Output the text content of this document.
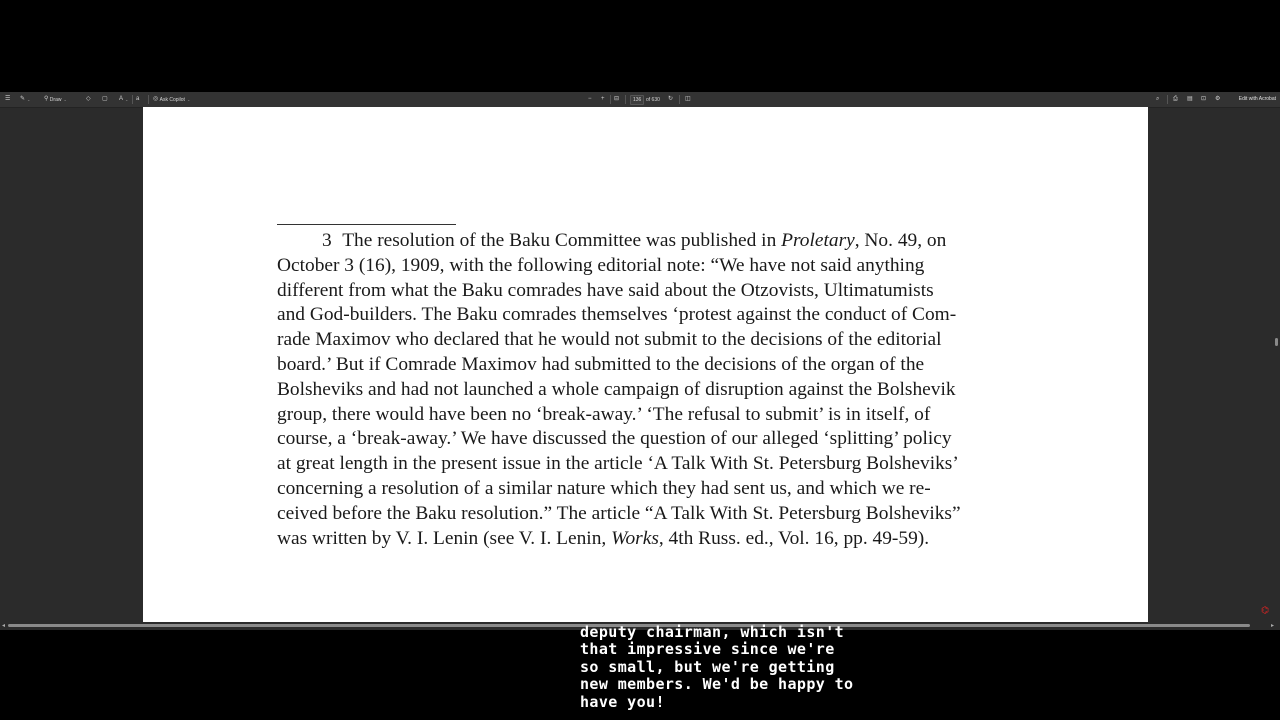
☰ ✎ ⌄ ⚲
Draw ⌄	◇ ▢ A ⌄ a ◎
Ask Copilot ⌄	− + ⊟	136 of 630 ↻ ◫	⌕ ⎙ ▤ ⊡ ⚙	Edit with Acrobat
3 The resolution of the Baku Committee was published in Proletary, No. 49, on
October 3 (16), 1909, with the following editorial note: “We have not said anything
different from what the Baku comrades have said about the Otzovists, Ultimatumists
and God-builders. The Baku comrades themselves ‘protest against the conduct of Com-
rade Maximov who declared that he would not submit to the decisions of the editorial
board.’ But if Comrade Maximov had submitted to the decisions of the organ of the
Bolsheviks and had not launched a whole campaign of disruption against the Bolshevik
group, there would have been no ‘break-away.’ ‘The refusal to submit’ is in itself, of
course, a ‘break-away.’ We have discussed the question of our alleged ‘splitting’ policy
at great length in the present issue in the article ‘A Talk With St. Petersburg Bolsheviks’
concerning a resolution of a similar nature which they had sent us, and which we re-
ceived before the Baku resolution.” The article “A Talk With St. Petersburg Bolsheviks”
was written by V. I. Lenin (see V. I. Lenin, Works, 4th Russ. ed., Vol. 16, pp. 49-59).
◂	▸
⌬
deputy chairman, which isn't
that impressive since we're
so small, but we're getting
new members. We'd be happy to
have you!
